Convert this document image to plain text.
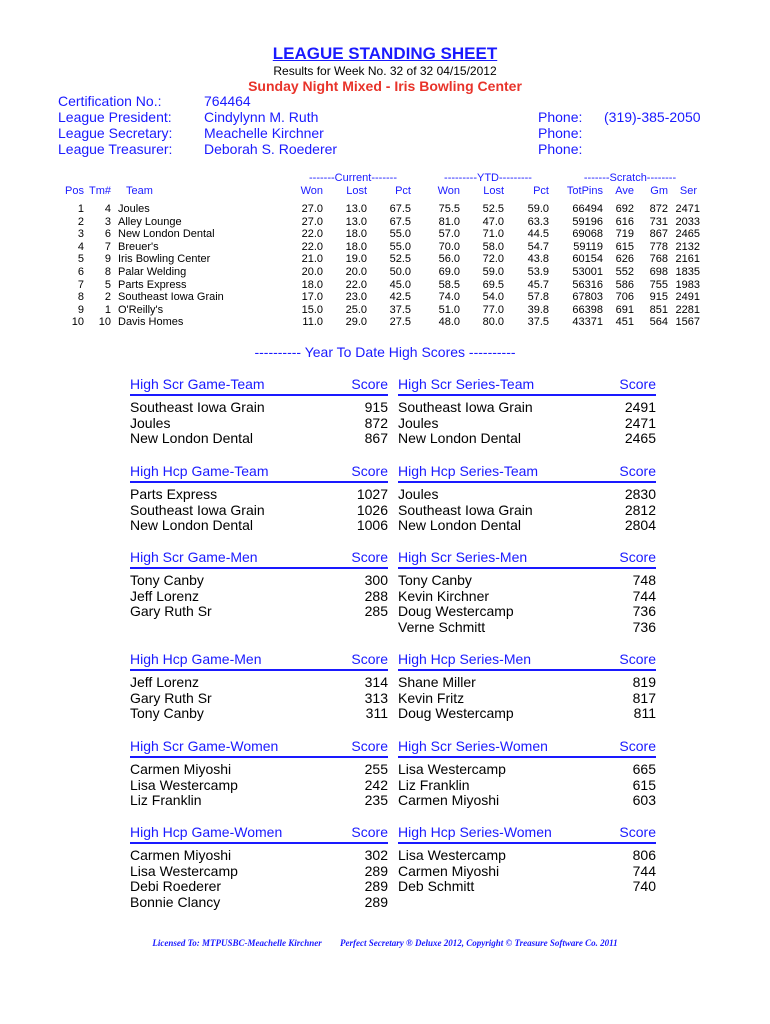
LEAGUE STANDING SHEET
Results for Week No. 32 of 32 04/15/2012
Sunday Night Mixed - Iris Bowling Center
Certification No.:	764464
League President: Cindylynn M. Ruth	Phone: (319)-385-2050
League Secretary: Meachelle Kirchner	Phone:
League Treasurer: Deborah S. Roederer	Phone:
-------Current-------	---------YTD---------	-------Scratch--------
Pos Tm# Team	Won Lost	Pct Won Lost	Pct TotPins Ave Gm Ser
1 4 Joules	27.0 13.0 67.5	75.5 52.5 59.0 66494 692 872 2471
2 3 Alley Lounge	27.0 13.0 67.5	81.0 47.0 63.3 59196 616 731 2033
3 6 New London Dental	22.0 18.0 55.0	57.0 71.0 44.5 69068 719 867 2465
4 7 Breuer's	22.0 18.0 55.0	70.0 58.0 54.7 59119 615 778 2132
5 9 Iris Bowling Center	21.0 19.0 52.5	56.0 72.0 43.8 60154 626 768 2161
6 8 Palar Welding	20.0 20.0 50.0	69.0 59.0 53.9 53001 552 698 1835
7 5 Parts Express	18.0 22.0 45.0	58.5 69.5 45.7 56316 586 755 1983
8 2 Southeast Iowa Grain	17.0 23.0 42.5	74.0 54.0 57.8 67803 706 915 2491
9 1 O'Reilly's	15.0 25.0 37.5	51.0 77.0 39.8 66398 691 851 2281
10 10 Davis Homes	11.0 29.0 27.5	48.0 80.0 37.5 43371 451 564 1567
---------- Year To Date High Scores ----------
High Scr Game-Team	Score
Southeast Iowa Grain	915
Joules	872
New London Dental	867
High Scr Series-Team	Score
Southeast Iowa Grain	2491
Joules	2471
New London Dental	2465
High Hcp Game-Team	Score
Parts Express	1027
Southeast Iowa Grain	1026
New London Dental	1006
High Hcp Series-Team	Score
Joules	2830
Southeast Iowa Grain	2812
New London Dental	2804
High Scr Game-Men	Score
Tony Canby	300
Jeff Lorenz	288
Gary Ruth Sr	285
High Scr Series-Men	Score
Tony Canby	748
Kevin Kirchner	744
Doug Westercamp	736
Verne Schmitt	736
High Hcp Game-Men	Score
Jeff Lorenz	314
Gary Ruth Sr	313
Tony Canby	311
High Hcp Series-Men	Score
Shane Miller	819
Kevin Fritz	817
Doug Westercamp	811
High Scr Game-Women	Score
Carmen Miyoshi	255
Lisa Westercamp	242
Liz Franklin	235
High Scr Series-Women	Score
Lisa Westercamp	665
Liz Franklin	615
Carmen Miyoshi	603
High Hcp Game-Women	Score
Carmen Miyoshi	302
Lisa Westercamp	289
Debi Roederer	289
Bonnie Clancy	289
High Hcp Series-Women	Score
Lisa Westercamp	806
Carmen Miyoshi	744
Deb Schmitt	740
Licensed To: MTPUSBC-Meachelle Kirchner Perfect Secretary ® Deluxe 2012, Copyright © Treasure Software Co. 2011
